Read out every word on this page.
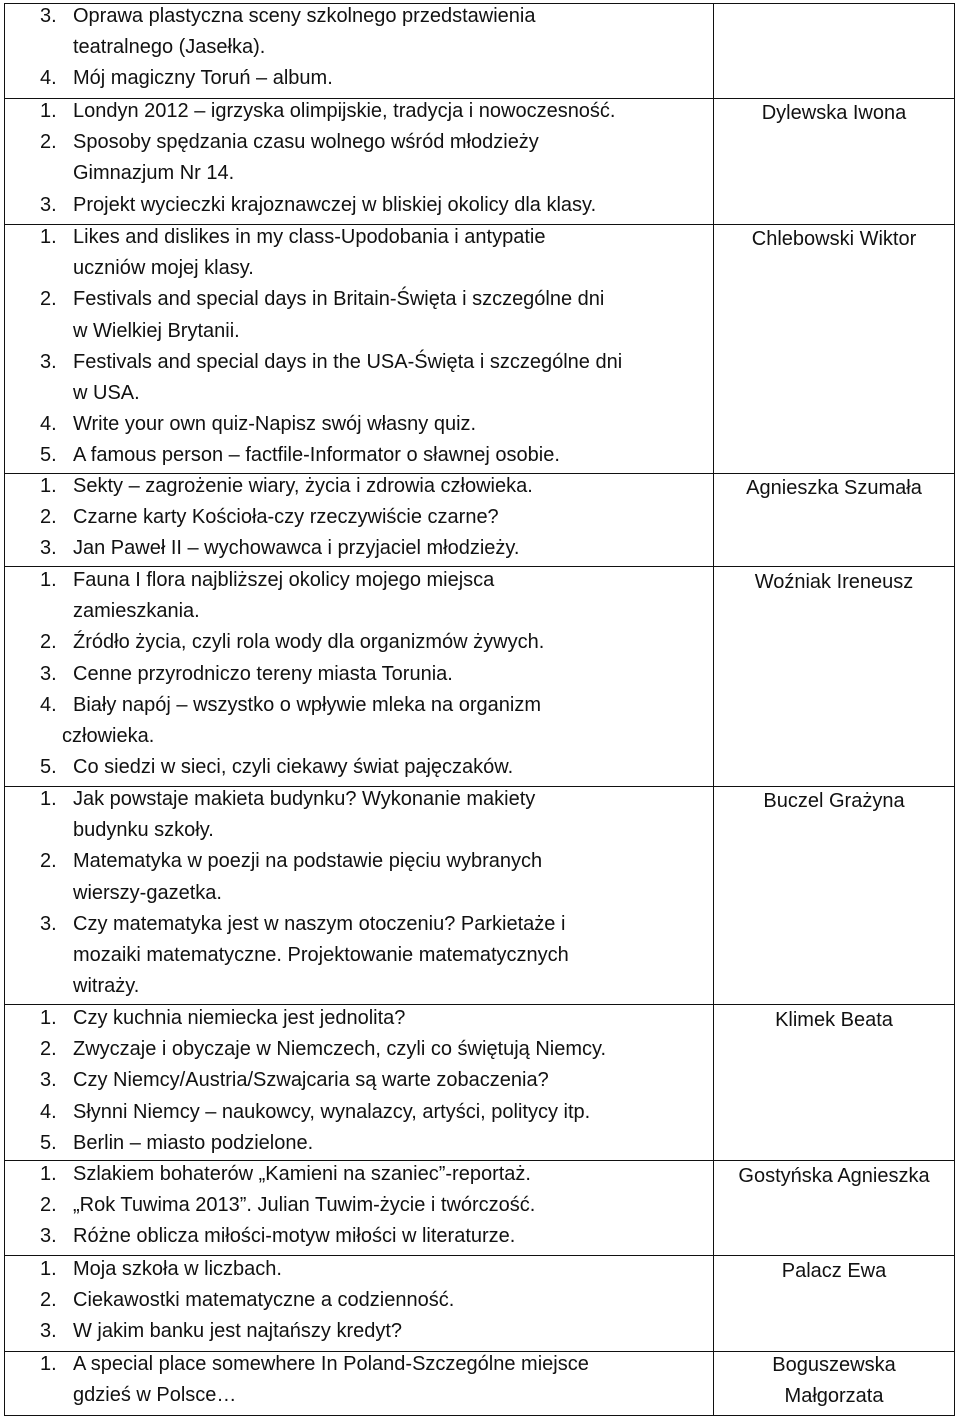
3. Oprawa plastyczna sceny szkolnego przedstawienia
teatralnego (Jasełka).
4. Mój magiczny Toruń – album.
1. Londyn 2012 – igrzyska olimpijskie, tradycja i nowoczesność.
2. Sposoby spędzania czasu wolnego wśród młodzieży
Gimnazjum Nr 14.
3. Projekt wycieczki krajoznawczej w bliskiej okolicy dla klasy.
Dylewska Iwona
1. Likes and dislikes in my class-Upodobania i antypatie
uczniów mojej klasy.
2. Festivals and special days in Britain-Święta i szczególne dni
w Wielkiej Brytanii.
3. Festivals and special days in the USA-Święta i szczególne dni
w USA.
4. Write your own quiz-Napisz swój własny quiz.
5. A famous person – factfile-Informator o sławnej osobie.
Chlebowski Wiktor
1. Sekty – zagrożenie wiary, życia i zdrowia człowieka.
2. Czarne karty Kościoła-czy rzeczywiście czarne?
3. Jan Paweł II – wychowawca i przyjaciel młodzieży.
Agnieszka Szumała
1. Fauna I flora najbliższej okolicy mojego miejsca
zamieszkania.
2. Źródło życia, czyli rola wody dla organizmów żywych.
3. Cenne przyrodniczo tereny miasta Torunia.
4. Biały napój – wszystko o wpływie mleka na organizm
człowieka.
5. Co siedzi w sieci, czyli ciekawy świat pajęczaków.
Woźniak Ireneusz
1. Jak powstaje makieta budynku? Wykonanie makiety
budynku szkoły.
2. Matematyka w poezji na podstawie pięciu wybranych
wierszy-gazetka.
3. Czy matematyka jest w naszym otoczeniu? Parkietaże i
mozaiki matematyczne. Projektowanie matematycznych
witraży.
Buczel Grażyna
1. Czy kuchnia niemiecka jest jednolita?
2. Zwyczaje i obyczaje w Niemczech, czyli co świętują Niemcy.
3. Czy Niemcy/Austria/Szwajcaria są warte zobaczenia?
4. Słynni Niemcy – naukowcy, wynalazcy, artyści, politycy itp.
5. Berlin – miasto podzielone.
Klimek Beata
1. Szlakiem bohaterów „Kamieni na szaniec”-reportaż.
2. „Rok Tuwima 2013”. Julian Tuwim-życie i twórczość.
3. Różne oblicza miłości-motyw miłości w literaturze.
Gostyńska Agnieszka
1. Moja szkoła w liczbach.
2. Ciekawostki matematyczne a codzienność.
3. W jakim banku jest najtańszy kredyt?
Palacz Ewa
1. A special place somewhere In Poland-Szczególne miejsce
gdzieś w Polsce…
Boguszewska
Małgorzata
